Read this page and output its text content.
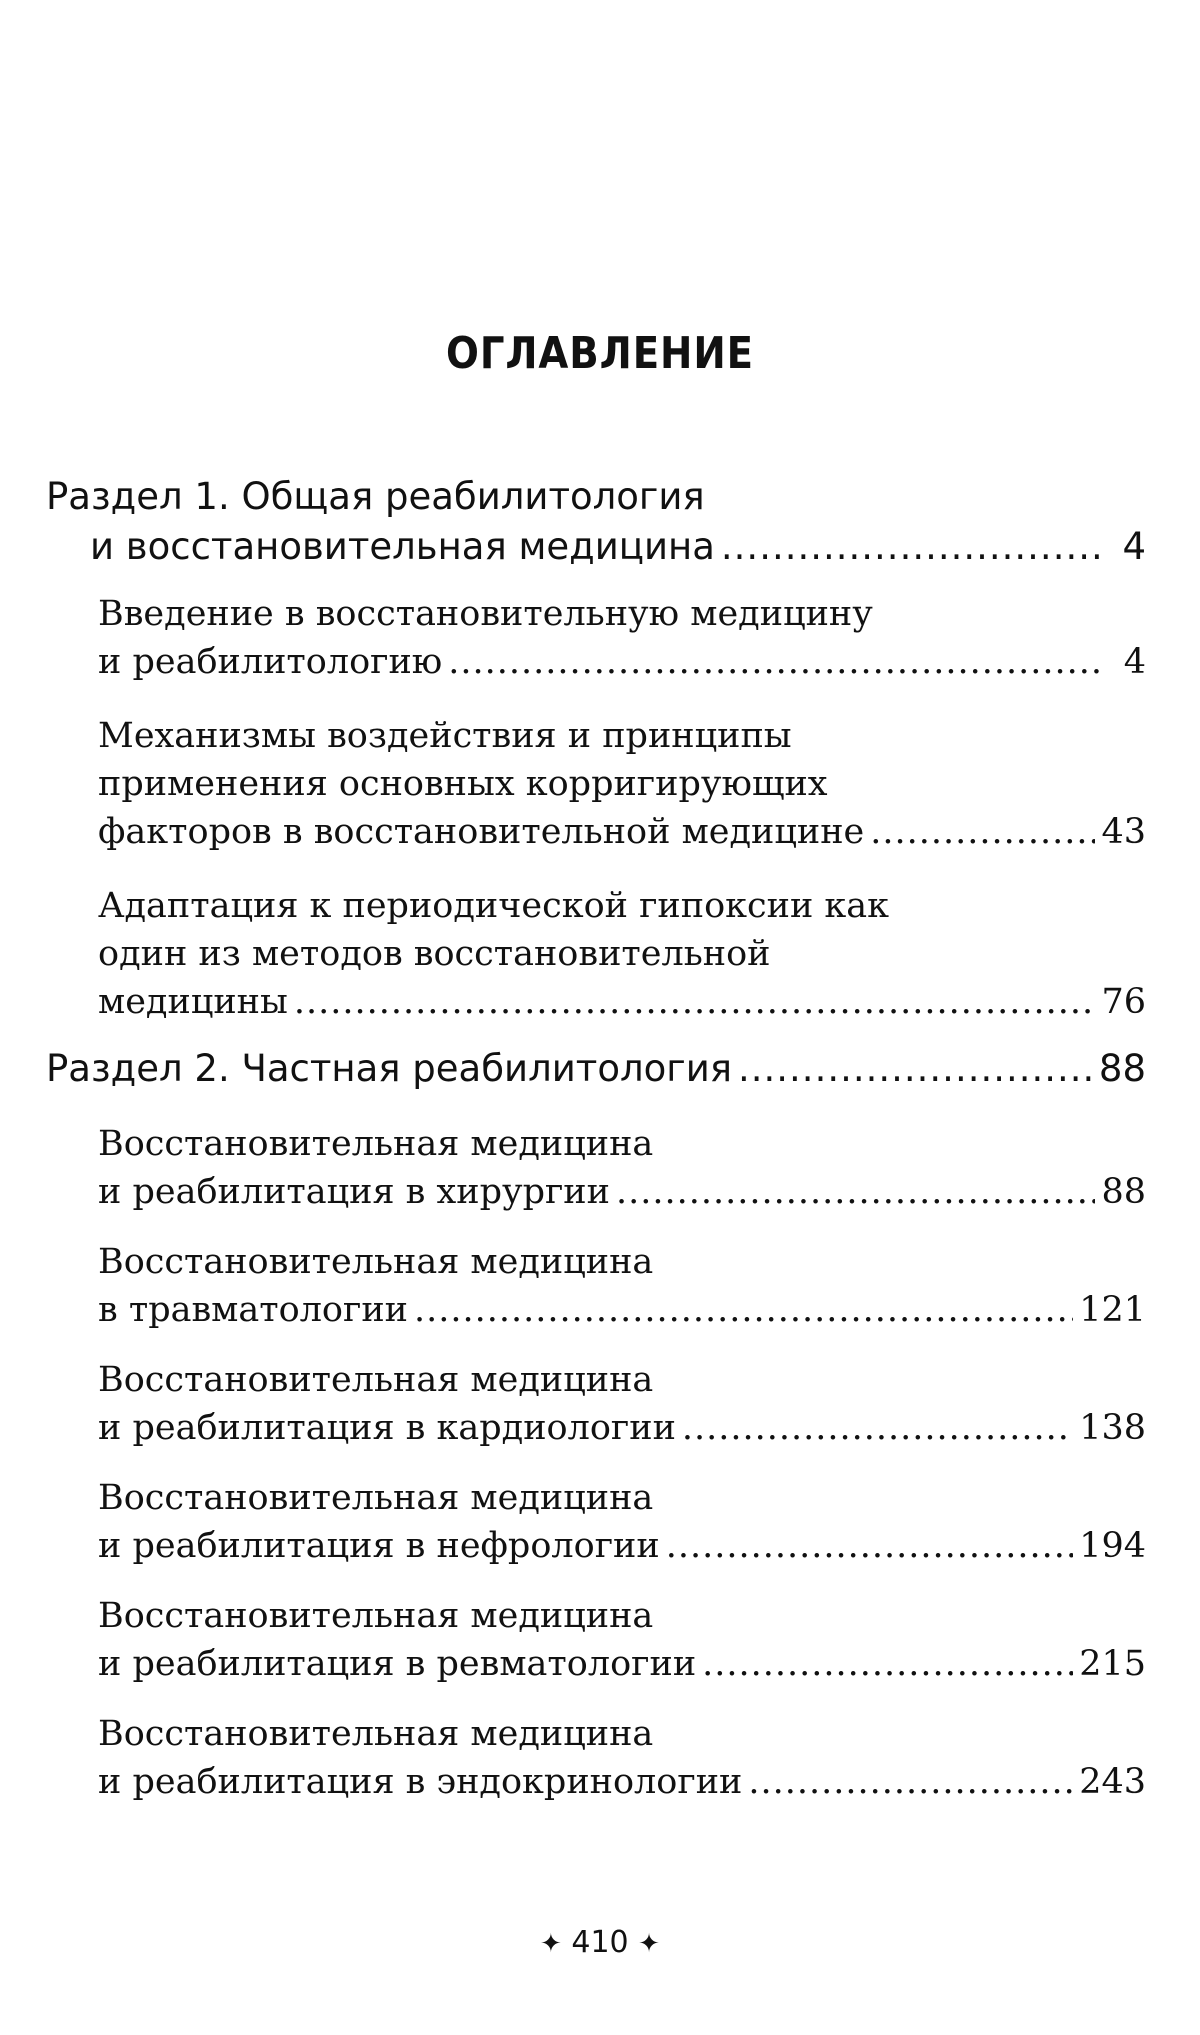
ОГЛАВЛЕНИЕ
Раздел 1. Общая реабилитология
и восстановительная медицина .....	4
Введение в восстановительную медицину
и реабилитологию .....	4
Механизмы воздействия и принципы
применения основных корригирующих
факторов в восстановительной медицине .....	43
Адаптация к периодической гипоксии как
один из методов восстановительной
медицины .....	76
Раздел 2. Частная реабилитология .....	88
Восстановительная медицина
и реабилитация в хирургии .....	88
Восстановительная медицина
в травматологии .....	121
Восстановительная медицина
и реабилитация в кардиологии .....	138
Восстановительная медицина
и реабилитация в нефрологии .....	194
Восстановительная медицина
и реабилитация в ревматологии .....	215
Восстановительная медицина
и реабилитация в эндокринологии .....	243
✦ 410 ✦
